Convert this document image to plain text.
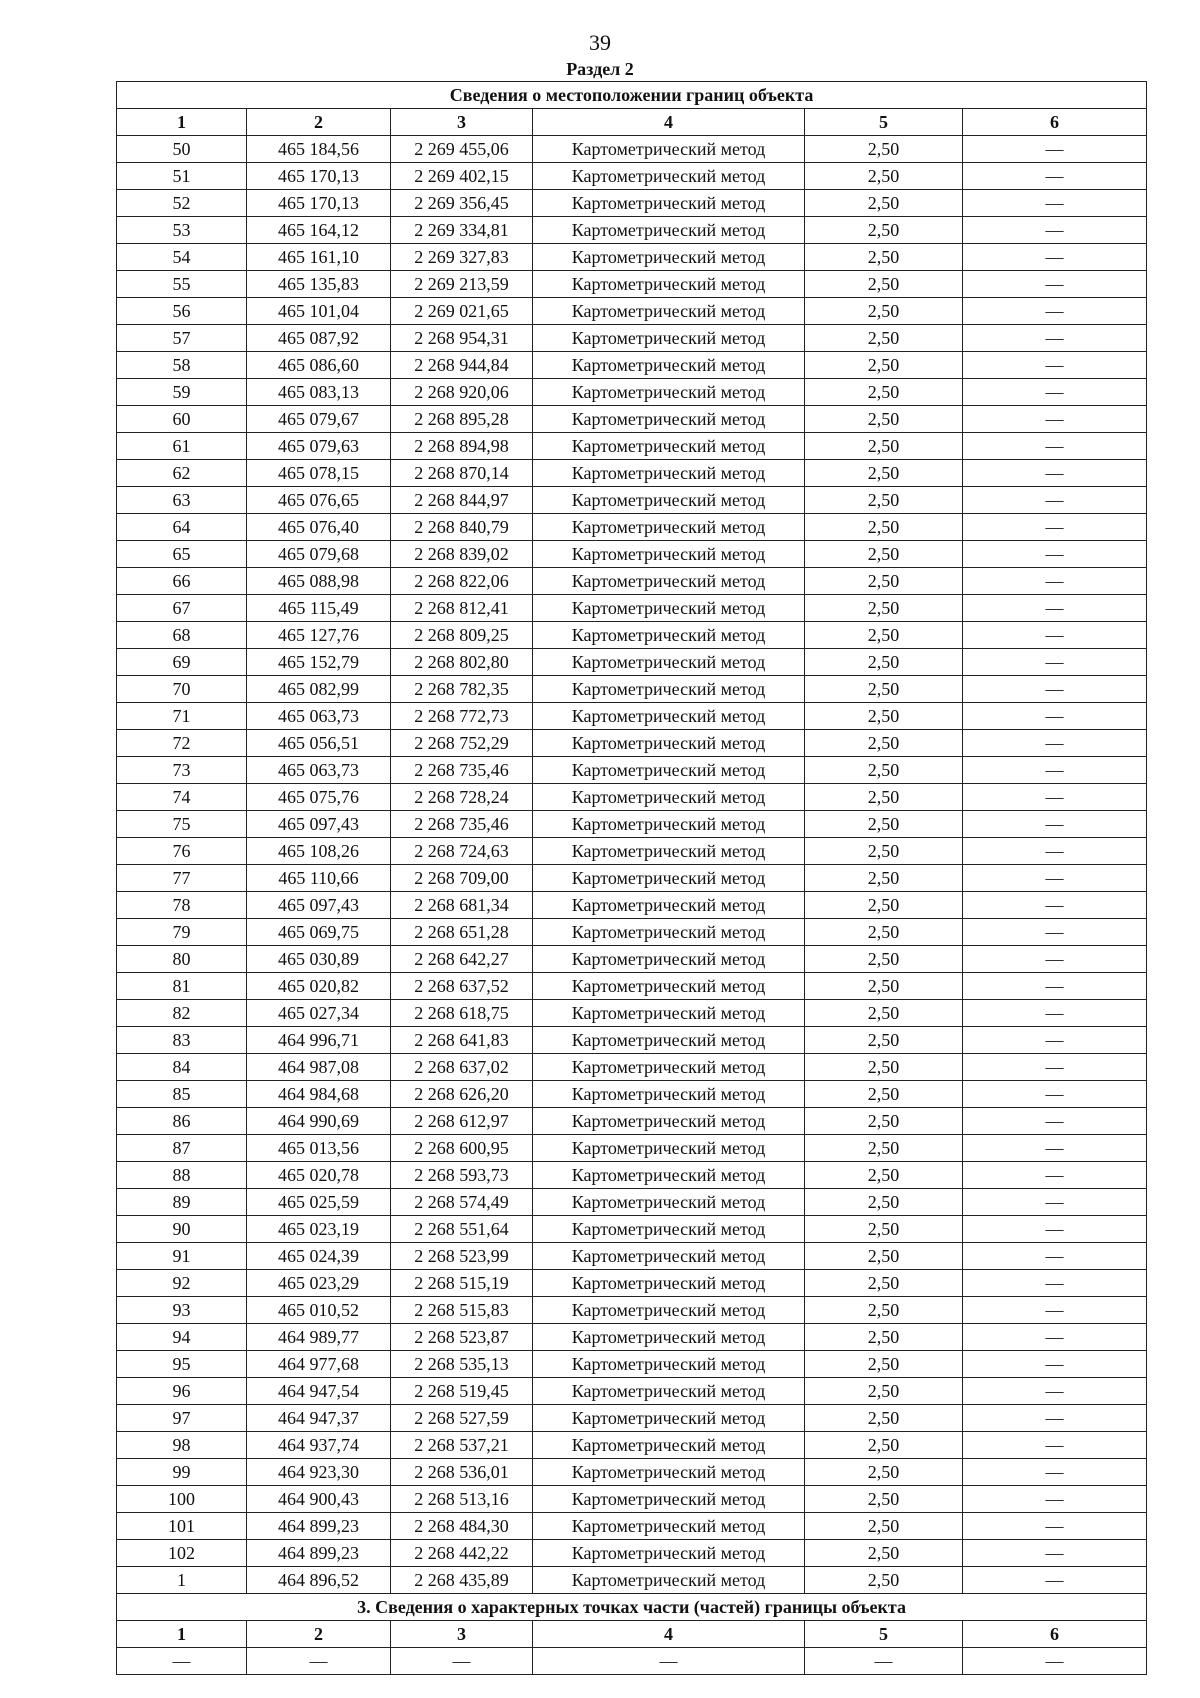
39
Раздел 2
Сведения о местоположении границ объекта					
1	2	3	4	5	6
50	465 184,56	2 269 455,06	Картометрический метод	2,50	—
51	465 170,13	2 269 402,15	Картометрический метод	2,50	—
52	465 170,13	2 269 356,45	Картометрический метод	2,50	—
53	465 164,12	2 269 334,81	Картометрический метод	2,50	—
54	465 161,10	2 269 327,83	Картометрический метод	2,50	—
55	465 135,83	2 269 213,59	Картометрический метод	2,50	—
56	465 101,04	2 269 021,65	Картометрический метод	2,50	—
57	465 087,92	2 268 954,31	Картометрический метод	2,50	—
58	465 086,60	2 268 944,84	Картометрический метод	2,50	—
59	465 083,13	2 268 920,06	Картометрический метод	2,50	—
60	465 079,67	2 268 895,28	Картометрический метод	2,50	—
61	465 079,63	2 268 894,98	Картометрический метод	2,50	—
62	465 078,15	2 268 870,14	Картометрический метод	2,50	—
63	465 076,65	2 268 844,97	Картометрический метод	2,50	—
64	465 076,40	2 268 840,79	Картометрический метод	2,50	—
65	465 079,68	2 268 839,02	Картометрический метод	2,50	—
66	465 088,98	2 268 822,06	Картометрический метод	2,50	—
67	465 115,49	2 268 812,41	Картометрический метод	2,50	—
68	465 127,76	2 268 809,25	Картометрический метод	2,50	—
69	465 152,79	2 268 802,80	Картометрический метод	2,50	—
70	465 082,99	2 268 782,35	Картометрический метод	2,50	—
71	465 063,73	2 268 772,73	Картометрический метод	2,50	—
72	465 056,51	2 268 752,29	Картометрический метод	2,50	—
73	465 063,73	2 268 735,46	Картометрический метод	2,50	—
74	465 075,76	2 268 728,24	Картометрический метод	2,50	—
75	465 097,43	2 268 735,46	Картометрический метод	2,50	—
76	465 108,26	2 268 724,63	Картометрический метод	2,50	—
77	465 110,66	2 268 709,00	Картометрический метод	2,50	—
78	465 097,43	2 268 681,34	Картометрический метод	2,50	—
79	465 069,75	2 268 651,28	Картометрический метод	2,50	—
80	465 030,89	2 268 642,27	Картометрический метод	2,50	—
81	465 020,82	2 268 637,52	Картометрический метод	2,50	—
82	465 027,34	2 268 618,75	Картометрический метод	2,50	—
83	464 996,71	2 268 641,83	Картометрический метод	2,50	—
84	464 987,08	2 268 637,02	Картометрический метод	2,50	—
85	464 984,68	2 268 626,20	Картометрический метод	2,50	—
86	464 990,69	2 268 612,97	Картометрический метод	2,50	—
87	465 013,56	2 268 600,95	Картометрический метод	2,50	—
88	465 020,78	2 268 593,73	Картометрический метод	2,50	—
89	465 025,59	2 268 574,49	Картометрический метод	2,50	—
90	465 023,19	2 268 551,64	Картометрический метод	2,50	—
91	465 024,39	2 268 523,99	Картометрический метод	2,50	—
92	465 023,29	2 268 515,19	Картометрический метод	2,50	—
93	465 010,52	2 268 515,83	Картометрический метод	2,50	—
94	464 989,77	2 268 523,87	Картометрический метод	2,50	—
95	464 977,68	2 268 535,13	Картометрический метод	2,50	—
96	464 947,54	2 268 519,45	Картометрический метод	2,50	—
97	464 947,37	2 268 527,59	Картометрический метод	2,50	—
98	464 937,74	2 268 537,21	Картометрический метод	2,50	—
99	464 923,30	2 268 536,01	Картометрический метод	2,50	—
100	464 900,43	2 268 513,16	Картометрический метод	2,50	—
101	464 899,23	2 268 484,30	Картометрический метод	2,50	—
102	464 899,23	2 268 442,22	Картометрический метод	2,50	—
1	464 896,52	2 268 435,89	Картометрический метод	2,50	—
3. Сведения о характерных точках части (частей) границы объекта					
1	2	3	4	5	6
—	—	—	—	—	—
